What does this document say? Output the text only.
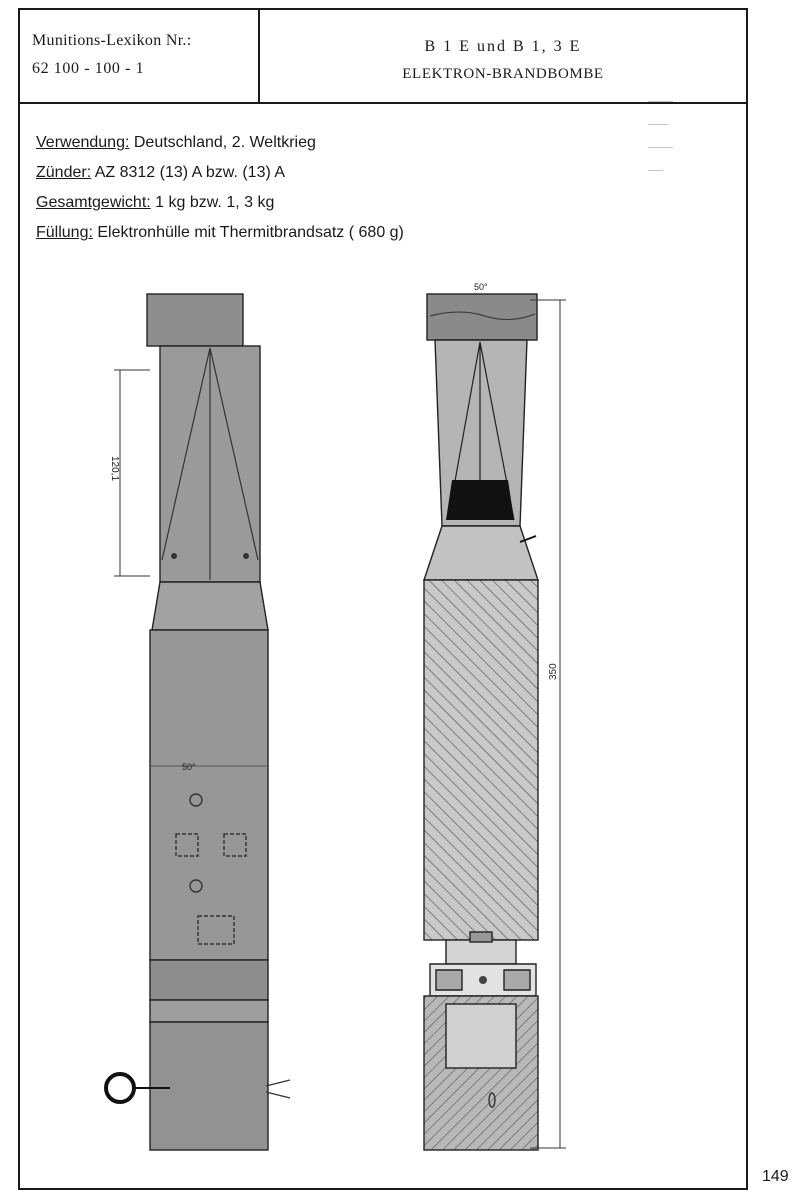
Munitions-Lexikon Nr.:
62 100 - 100 - 1
B 1 E und B 1, 3 E
ELEKTRON-BRANDBOMBE
Verwendung: Deutschland, 2. Weltkrieg
Zünder: AZ 8312 (13) A bzw. (13) A
Gesamtgewicht: 1 kg bzw. 1, 3 kg
Füllung: Elektronhülle mit Thermitbrandsatz ( 680 g)
⎯⎯⎯⎯⎯
⎯⎯⎯⎯
⎯⎯⎯⎯⎯
⎯⎯⎯
120,1
50°
350
50°
149
